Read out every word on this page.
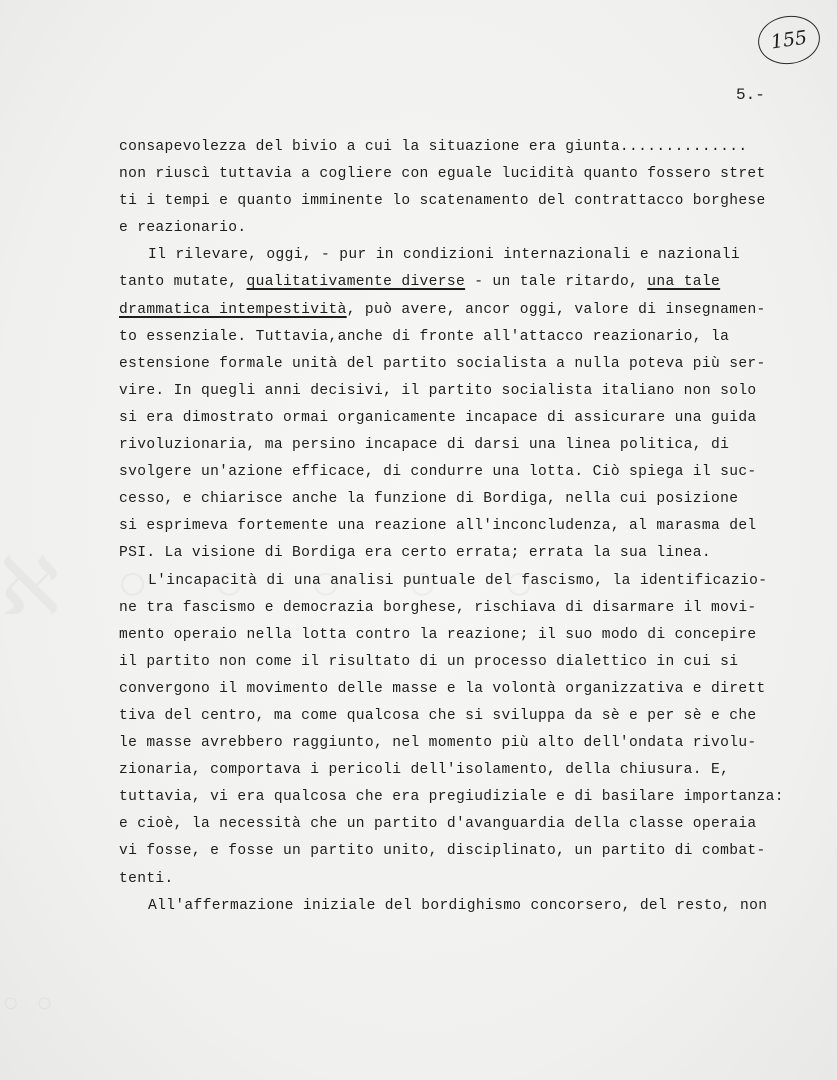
155
5.-
consapevolezza del bivio a cui la situazione era giunta..............
non riuscì tuttavia a cogliere con eguale lucidità quanto fossero stret
ti i tempi e quanto imminente lo scatenamento del contrattacco borghese
e reazionario.
Il rilevare, oggi, - pur in condizioni internazionali e nazionali
tanto mutate, qualitativamente diverse - un tale ritardo, una tale
drammatica intempestività, può avere, ancor oggi, valore di insegnamen-
to essenziale. Tuttavia,anche di fronte all'attacco reazionario, la
estensione formale unità del partito socialista a nulla poteva più ser-
vire. In quegli anni decisivi, il partito socialista italiano non solo
si era dimostrato ormai organicamente incapace di assicurare una guida
rivoluzionaria, ma persino incapace di darsi una linea politica, di
svolgere un'azione efficace, di condurre una lotta. Ciò spiega il suc-
cesso, e chiarisce anche la funzione di Bordiga, nella cui posizione
si esprimeva fortemente una reazione all'inconcludenza, al marasma del
PSI. La visione di Bordiga era certo errata; errata la sua linea.
L'incapacità di una analisi puntuale del fascismo, la identificazio-
ne tra fascismo e democrazia borghese, rischiava di disarmare il movi-
mento operaio nella lotta contro la reazione; il suo modo di concepire
il partito non come il risultato di un processo dialettico in cui si
convergono il movimento delle masse e la volontà organizzativa e dirett
tiva del centro, ma come qualcosa che si sviluppa da sè e per sè e che
le masse avrebbero raggiunto, nel momento più alto dell'ondata rivolu-
zionaria, comportava i pericoli dell'isolamento, della chiusura. E,
tuttavia, vi era qualcosa che era pregiudiziale e di basilare importanza:
e cioè, la necessità che un partito d'avanguardia della classe operaia
vi fosse, e fosse un partito unito, disciplinato, un partito di combat-
tenti.
All'affermazione iniziale del bordighismo concorsero, del resto, non
